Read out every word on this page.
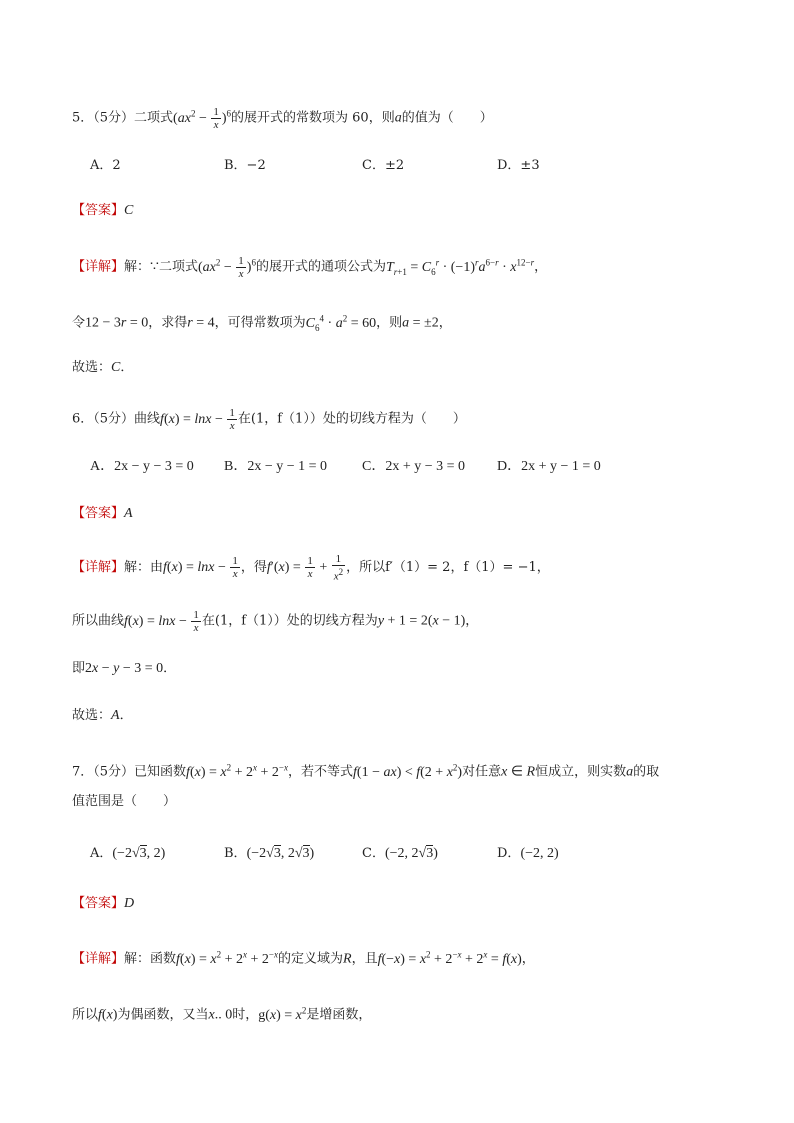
5．（5分）二项式$(ax^2 - \frac{1}{x} )^6$的展开式的常数项为 60，则a的值为（　　）
A．2	B．−2	C．±2	D．±3
【答案】C
【详解】解：∵二项式$(ax^2 - \frac{1}{x} )^6$的展开式的通项公式为$T_{r+1} = C_6^r \cdot (-1)^ra^{6-r} \cdot x^{12-r}$，
令12 − 3r = 0，求得r = 4，可得常数项为$C_6^4 \cdot a^2 = 60$，则a = ±2，
故选：C．
6．（5分）曲线$f(x) = \ln x - \frac{1}{x}$ 在(1，f（1））处的切线方程为（　　）
A．2x − y − 3 = 0 B．2x − y − 1 = 0 C．2x + y − 3 = 0 D．2x + y − 1 = 0
【答案】A
【详解】解：由$f(x) = \ln x - \frac{1}{x}$ ，得$f'(x) = \frac{1}{x} + \frac{1}{x^2}$ ，所以f′（1）= 2，f（1）= −1，
所以曲线$f(x) = \ln x - \frac{1}{x}$ 在(1，f（1））处的切线方程为y + 1 = 2(x − 1)，
即2x − y − 3 = 0．
故选：A．
7．（5分）已知函数$f(x) = x^2 + 2^x + 2^{-x}$，若不等式$f(1 - ax) < f(2 + x^2)$对任意x ∈ R恒成立，则实数a的取
值范围是（　　）
A．(−2√3, 2)	B．(−2√3, 2√3)	C．(−2, 2√3)	D．(−2, 2)
【答案】D
【详解】解：函数$f(x) = x^2 + 2^x + 2^{-x}$的定义域为R，且$f(-x) = x^2 + 2^{-x} + 2^x = f(x)$，
所以f(x)为偶函数，又当x.. 0时，$g(x) = x^2$是增函数，
